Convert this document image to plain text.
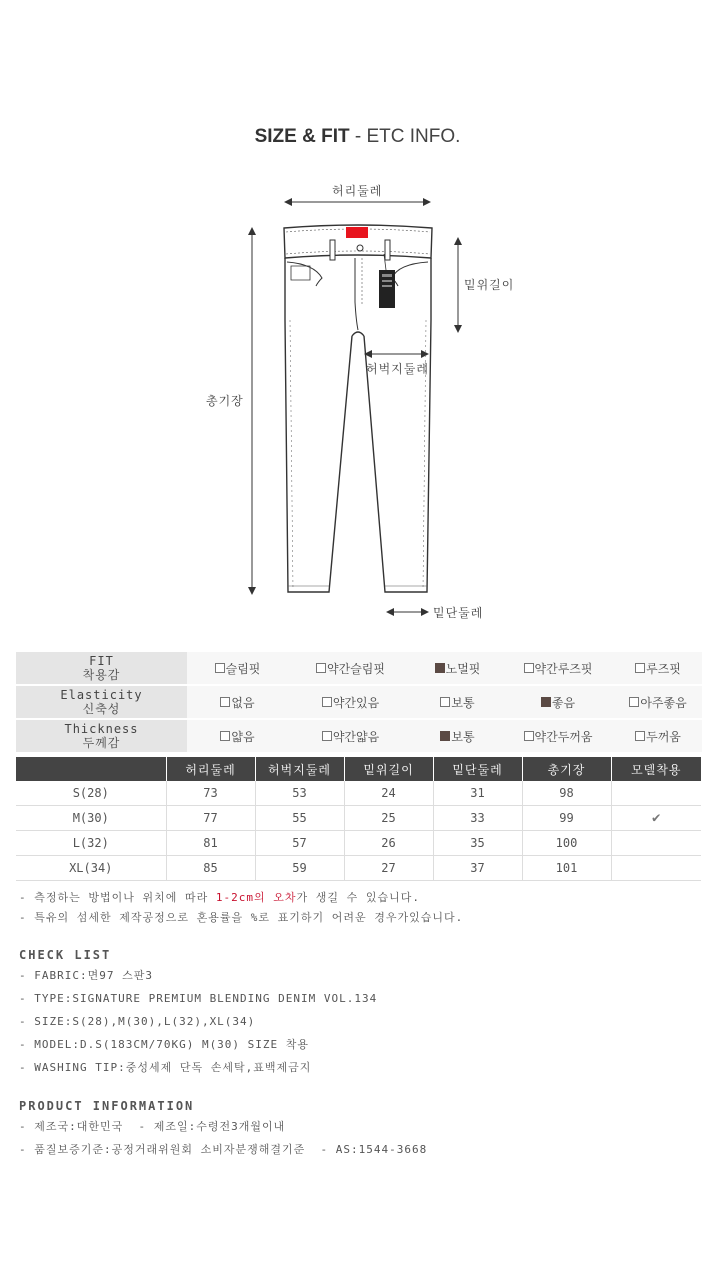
SIZE & FIT - ETC INFO.
허리둘레
밑위길이
허벅지둘레
총기장
밑단둘레
FIT
착용감	슬림핏	약간슬림핏	노멀핏	약간루즈핏	루즈핏

Elasticity
신축성	없음	약간있음	보통	좋음	아주좋음

Thickness
두께감	얇음	약간얇음	보통	약간두꺼움	두꺼움
	허리둘레	허벅지둘레	밑위길이	밑단둘레	총기장	모델착용
S(28)	73	53	24	31	98	
M(30)	77	55	25	33	99	✔
L(32)	81	57	26	35	100	
XL(34)	85	59	27	37	101	
- 측정하는 방법이나 위치에 따라 1-2cm의 오차가 생길 수 있습니다.
- 특유의 섬세한 제작공정으로 혼용률을 %로 표기하기 어려운 경우가있습니다.
CHECK LIST
- FABRIC:면97 스판3
- TYPE:SIGNATURE PREMIUM BLENDING DENIM VOL.134
- SIZE:S(28),M(30),L(32),XL(34)
- MODEL:D.S(183CM/70KG) M(30) SIZE 착용
- WASHING TIP:중성세제 단독 손세탁,표백제금지
PRODUCT INFORMATION
- 제조국:대한민국  - 제조일:수령전3개월이내
- 품질보증기준:공정거래위원회 소비자분쟁해결기준  - AS:1544-3668
